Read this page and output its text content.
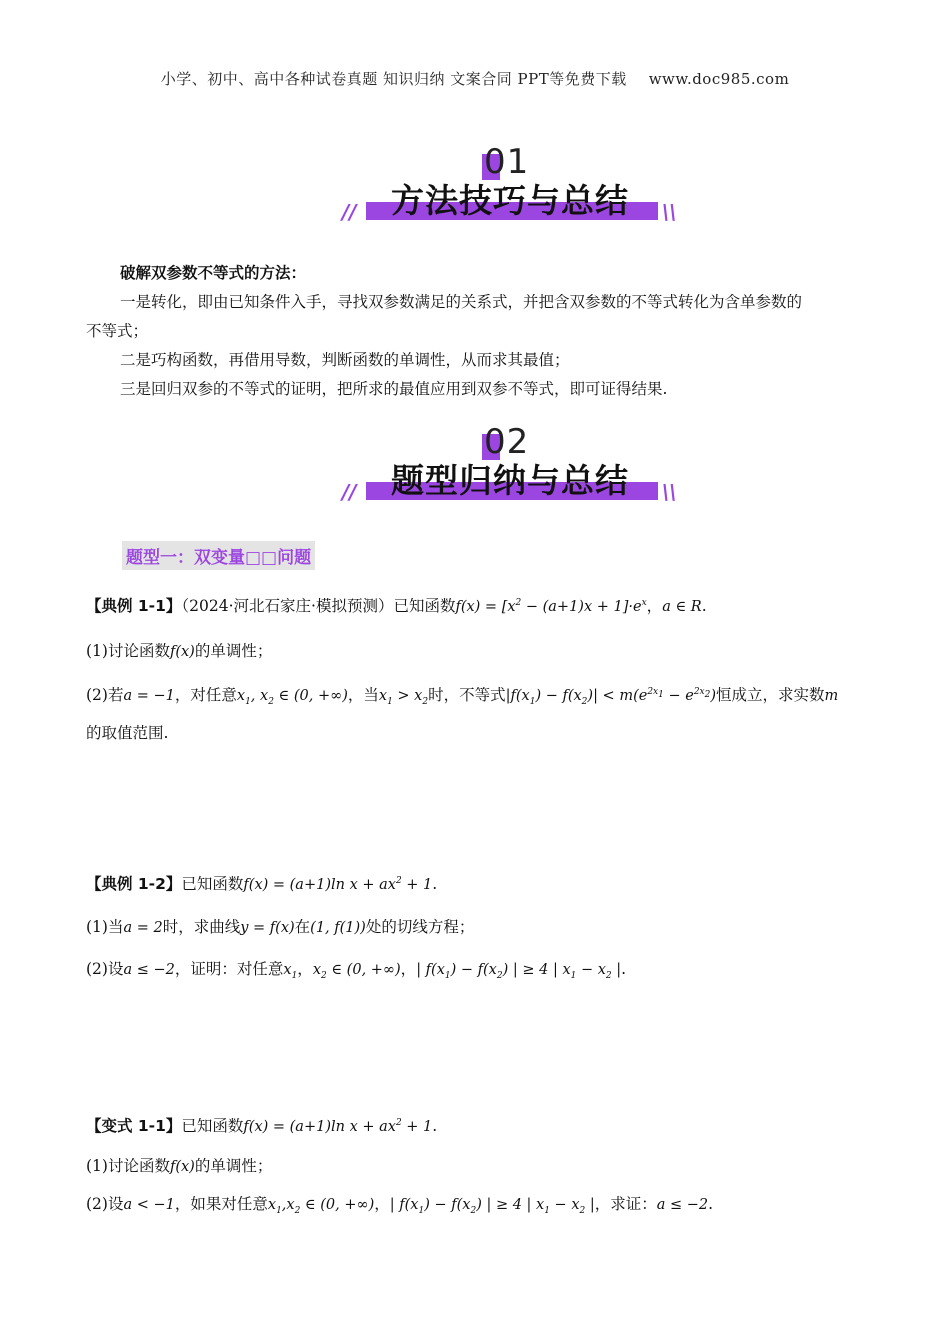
小学、初中、高中各种试卷真题 知识归纳 文案合同 PPT等免费下载 www.doc985.com
01
//	方法技巧与总结	\\
破解双参数不等式的方法：
一是转化，即由已知条件入手，寻找双参数满足的关系式，并把含双参数的不等式转化为含单参数的
不等式；
二是巧构函数，再借用导数，判断函数的单调性，从而求其最值；
三是回归双参的不等式的证明，把所求的最值应用到双参不等式，即可证得结果.
02
//	题型归纳与总结	\\
题型一：双变量□□问题
【典例 1-1】（2024·河北石家庄·模拟预测）已知函数$f(x) = [x^2 - (a+1)x + 1]\cdot e^x$，a ∈ R.
(1)讨论函数f(x)的单调性；
(2)若a = −1，对任意$x_1$, $x_2$ ∈ (0, +∞)，当$x_1 > x_2$时，不等式$|f(x_1) - f(x_2)| < m(e^{2x_1} - e^{2x_2})$恒成立，求实数m
的取值范围.
【典例 1-2】已知函数f(x) = (a+1)ln $x + ax^2 + 1$.
(1)当a = 2时，求曲线y = f(x)在(1, f(1))处的切线方程；
(2)设a ≤ −2，证明：对任意$x_1$，$x_2$ ∈ (0, +∞)，| $f(x_1) - f(x_2)$ | ≥ 4 | $x_1 - x_2$ |.
【变式 1-1】已知函数f(x) = (a+1)ln $x + ax^2 + 1$.
(1)讨论函数f(x)的单调性；
(2)设a < −1，如果对任意$x_1,x_2$ ∈ (0, +∞)，| $f(x_1) - f(x_2)$ | ≥ 4 | $x_1 - x_2$ |，求证：a ≤ −2.
